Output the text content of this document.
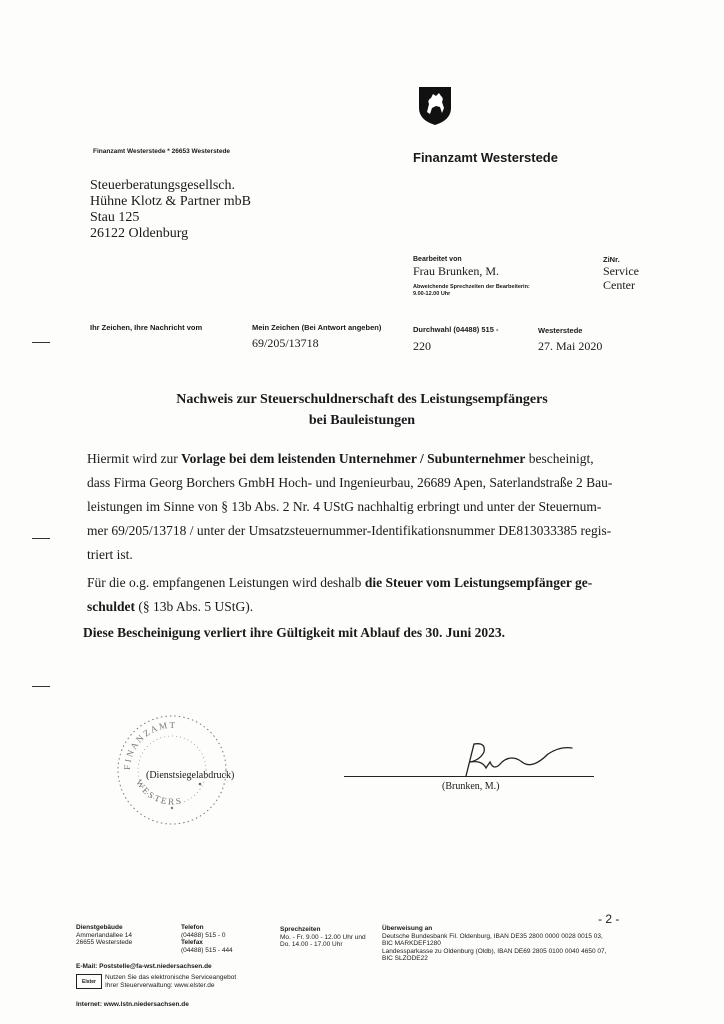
Finanzamt Westerstede * 26653 Westerstede	Finanzamt Westerstede
Steuerberatungsgesellsch.
Hühne Klotz & Partner mbB
Stau 125
26122 Oldenburg
Bearbeitet von
Frau Brunken, M.
Abweichende Sprechzeiten der Bearbeiterin:
9.00-12.00 Uhr
ZiNr.
Service
Center
Ihr Zeichen, Ihre Nachricht vom	Mein Zeichen (Bei Antwort angeben)
69/205/13718
Durchwahl (04488) 515 -
220
Westerstede
27. Mai 2020
Nachweis zur Steuerschuldnerschaft des Leistungsempfängers
bei Bauleistungen
Hiermit wird zur Vorlage bei dem leistenden Unternehmer / Subunternehmer bescheinigt,
dass Firma Georg Borchers GmbH Hoch- und Ingenieurbau, 26689 Apen, Saterlandstraße 2 Bau-
leistungen im Sinne von § 13b Abs. 2 Nr. 4 UStG nachhaltig erbringt und unter der Steuernum-
mer 69/205/13718 / unter der Umsatzsteuernummer-Identifikationsnummer DE813033385 regis-
triert ist.
Für die o.g. empfangenen Leistungen wird deshalb die Steuer vom Leistungsempfänger ge-
schuldet (§ 13b Abs. 5 UStG).
Diese Bescheinigung verliert ihre Gültigkeit mit Ablauf des 30. Juni 2023.
F I N A N Z A M T
W E S T E R S
(Dienstsiegelabdruck)
(Brunken, M.)
- 2 -
Dienstgebäude
Ammerlandallee 14
26655 Westerstede
Telefon
(04488) 515 - 0
Telefax
(04488) 515 - 444
Sprechzeiten
Mo. - Fr. 9.00 - 12.00 Uhr und
Do. 14.00 - 17.00 Uhr
Überweisung an
Deutsche Bundesbank Fil. Oldenburg, IBAN DE35 2800 0000 0028 0015 03,
BIC MARKDEF1280
Landessparkasse zu Oldenburg (Oldb), IBAN DE69 2805 0100 0040 4650 07,
BIC SLZODE22
E-Mail: Poststelle@fa-wst.niedersachsen.de
Elster
Nutzen Sie das elektronische Serviceangebot
Ihrer Steuerverwaltung: www.elster.de
Internet: www.lstn.niedersachsen.de
